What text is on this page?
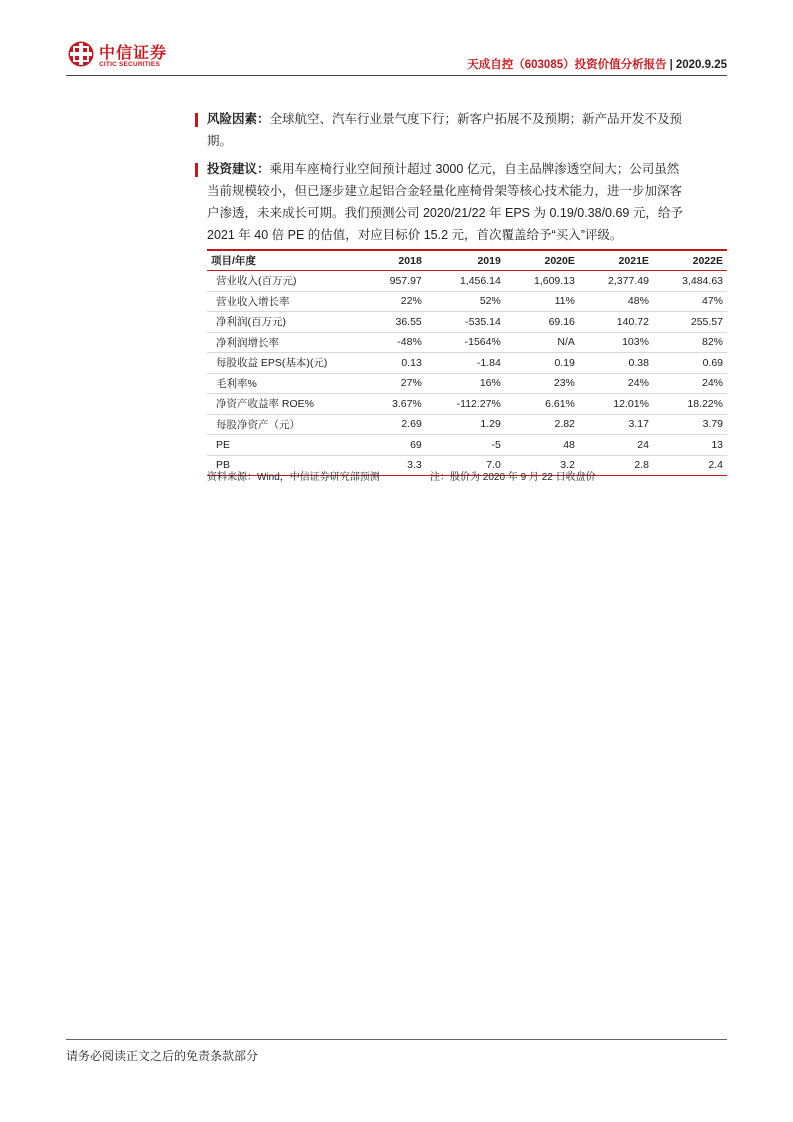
中信证券
CITIC SECURITIES	天成自控（603085）投资价值分析报告 | 2020.9.25
风险因素：全球航空、汽车行业景气度下行；新客户拓展不及预期；新产品开发不及预
期。
投资建议：乘用车座椅行业空间预计超过 3000 亿元，自主品牌渗透空间大；公司虽然
当前规模较小，但已逐步建立起铝合金轻量化座椅骨架等核心技术能力，进一步加深客
户渗透，未来成长可期。我们预测公司 2020/21/22 年 EPS 为 0.19/0.38/0.69 元，给予
2021 年 40 倍 PE 的估值，对应目标价 15.2 元，首次覆盖给予“买入”评级。
项目/年度	2018	2019	2020E	2021E	2022E
营业收入(百万元)	957.97	1,456.14	1,609.13	2,377.49	3,484.63
营业收入增长率	22%	52%	11%	48%	47%
净利润(百万元)	36.55	-535.14	69.16	140.72	255.57
净利润增长率	-48%	-1564%	N/A	103%	82%
每股收益 EPS(基本)(元)	0.13	-1.84	0.19	0.38	0.69
毛利率%	27%	16%	23%	24%	24%
净资产收益率 ROE%	3.67%	-112.27%	6.61%	12.01%	18.22%
每股净资产（元）	2.69	1.29	2.82	3.17	3.79
PE	69	-5	48	24	13
PB	3.3	7.0	3.2	2.8	2.4
资料来源：Wind，中信证券研究部预测	注：股价为 2020 年 9 月 22 日收盘价
请务必阅读正文之后的免责条款部分
